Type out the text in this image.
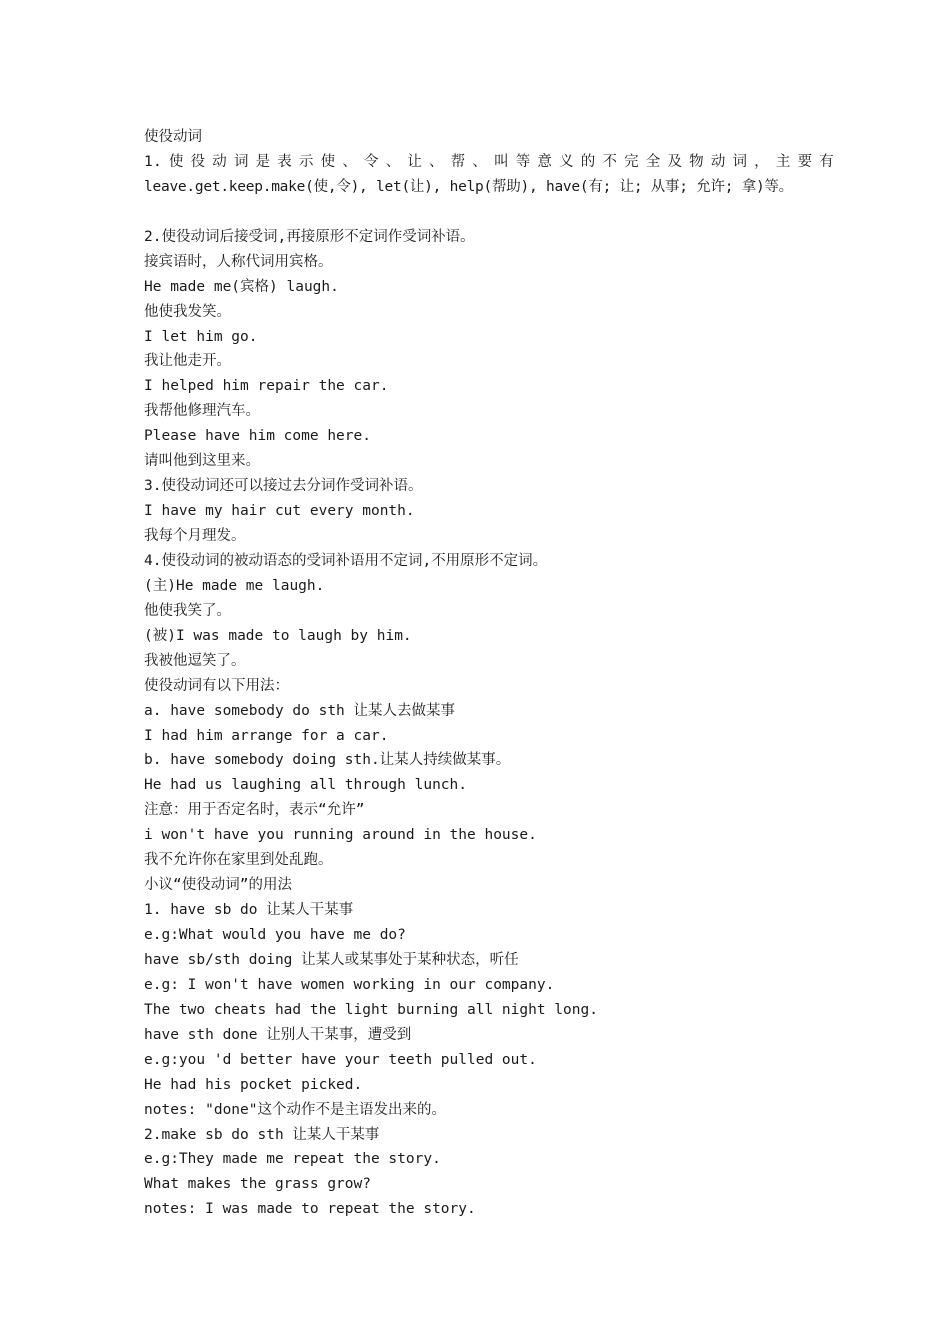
使役动词
1.使役动词是表示使、令、让、帮、叫等意义的不完全及物动词，主要有
leave.get.keep.make(使,令), let(让), help(帮助), have(有; 让; 从事; 允许; 拿)等。
2.使役动词后接受词,再接原形不定词作受词补语。
接宾语时，人称代词用宾格。
He made me(宾格) laugh.
他使我发笑。
I let him go.
我让他走开。
I helped him repair the car.
我帮他修理汽车。
Please have him come here.
请叫他到这里来。
3.使役动词还可以接过去分词作受词补语。
I have my hair cut every month.
我每个月理发。
4.使役动词的被动语态的受词补语用不定词,不用原形不定词。
(主)He made me laugh.
他使我笑了。
(被)I was made to laugh by him.
我被他逗笑了。
使役动词有以下用法：
a. have somebody do sth 让某人去做某事
I had him arrange for a car.
b. have somebody doing sth.让某人持续做某事。
He had us laughing all through lunch.
注意：用于否定名时，表示“允许”
i won't have you running around in the house.
我不允许你在家里到处乱跑。
小议“使役动词”的用法
1. have sb do 让某人干某事
e.g:What would you have me do?
have sb/sth doing 让某人或某事处于某种状态，听任
e.g: I won't have women working in our company.
The two cheats had the light burning all night long.
have sth done 让别人干某事，遭受到
e.g:you 'd better have your teeth pulled out.
He had his pocket picked.
notes: "done"这个动作不是主语发出来的。
2.make sb do sth 让某人干某事
e.g:They made me repeat the story.
What makes the grass grow?
notes: I was made to repeat the story.
